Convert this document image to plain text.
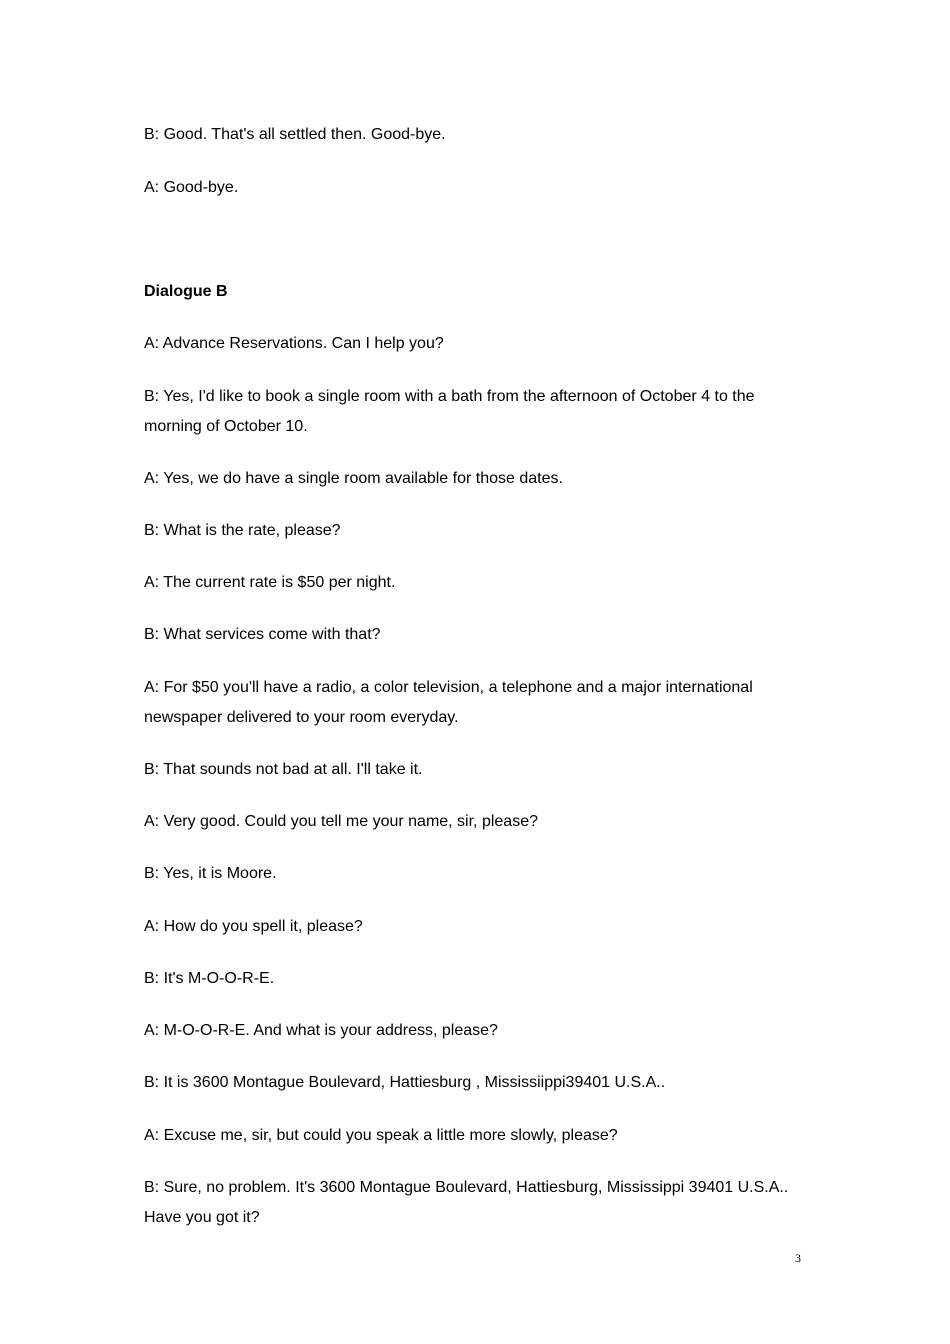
B: Good. That's all settled then. Good-bye.

A: Good-bye.

Dialogue B

A: Advance Reservations. Can I help you?

B: Yes, I'd like to book a single room with a bath from the afternoon of October 4 to the morning of October 10.

A: Yes, we do have a single room available for those dates.

B: What is the rate, please?

A: The current rate is $50 per night.

B: What services come with that?

A: For $50 you'll have a radio, a color television, a telephone and a major international newspaper delivered to your room everyday.

B: That sounds not bad at all. I'll take it.

A: Very good. Could you tell me your name, sir, please?

B: Yes, it is Moore.

A: How do you spell it, please?

B: It's M-O-O-R-E.

A: M-O-O-R-E. And what is your address, please?

B: It is 3600 Montague Boulevard, Hattiesburg , Mississiippi39401 U.S.A..

A: Excuse me, sir, but could you speak a little more slowly, please?

B: Sure, no problem. It's 3600 Montague Boulevard, Hattiesburg, Mississippi 39401 U.S.A.. Have you got it?

3
